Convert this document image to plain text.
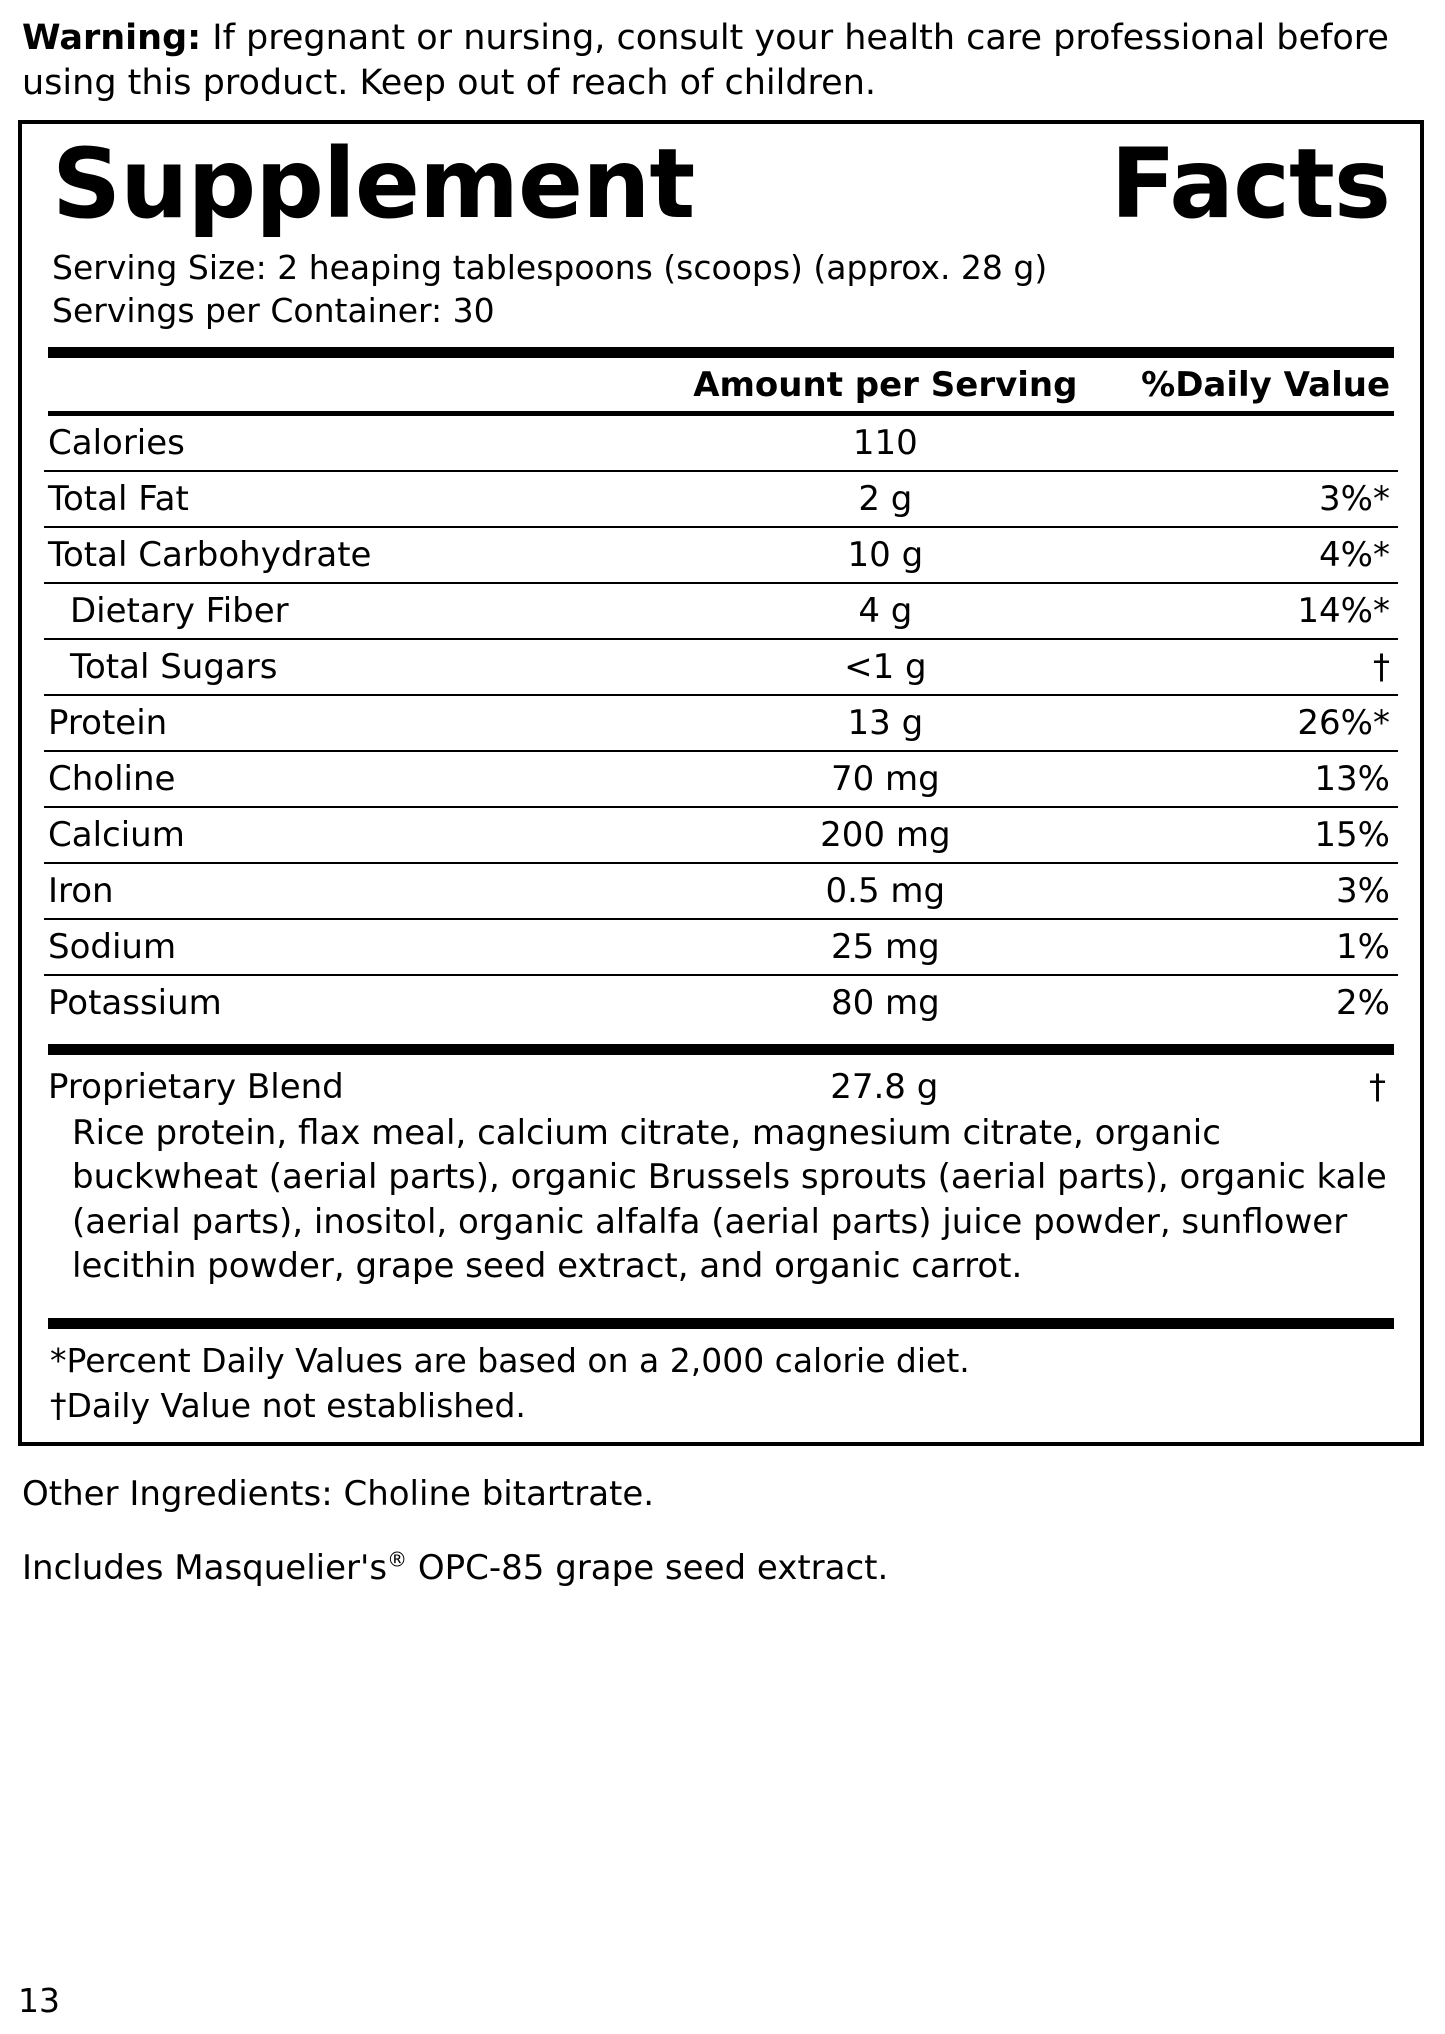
Warning: If pregnant or nursing, consult your health care professional before using this product. Keep out of reach of children.
Supplement	Facts
Serving Size: 2 heaping tablespoons (scoops) (approx. 28 g)
Servings per Container: 30
	Amount per Serving	%Daily Value
Calories	110	
Total Fat	2 g	3%*
Total Carbohydrate	10 g	4%*
Dietary Fiber	4 g	14%*
Total Sugars	<1 g	†
Protein	13 g	26%*
Choline	70 mg	13%
Calcium	200 mg	15%
Iron	0.5 mg	3%
Sodium	25 mg	1%
Potassium	80 mg	2%
Proprietary Blend	27.8 g	†
Rice protein, flax meal, calcium citrate, magnesium citrate, organic buckwheat (aerial parts), organic Brussels sprouts (aerial parts), organic kale (aerial parts), inositol, organic alfalfa (aerial parts) juice powder, sunflower lecithin powder, grape seed extract, and organic carrot.
*Percent Daily Values are based on a 2,000 calorie diet.
†Daily Value not established.

Other Ingredients: Choline bitartrate.

Includes Masquelier's® OPC-85 grape seed extract.

13
